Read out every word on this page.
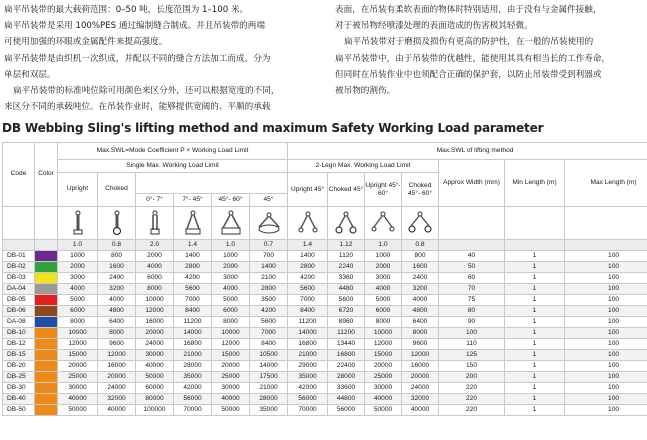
扁平吊装带的最大载荷范围：0–50 吨，长度范围为 1–100 米。

扁平吊装带是采用 100%PES 通过编制缝合制成。并且吊装带的两端

可使用加强的环眼或金属配件来提高强度。

扁平吊装带是由织机一次织成，并配以不同的缝合方法加工而成，分为

单层和双层。

扁平吊装带的标准吨位除可用颜色来区分外，还可以根据宽度的不同，

来区分不同的承载吨位。在吊装作业时，能够提供宽阔的、平顺的承载

表面，在吊装有柔软表面的物体时特别适用，由于没有与金属件接触，

对于被吊物经喷漆处理的表面造成的伤害极其轻微。

扁平吊装带对于磨损及损伤有更高的防护性，在一般的吊装使用的

扁平吊装带中，由于吊装带的优越性，能使用其具有相当长的工作寿命，

但同时在吊装作业中也须配合正确的保护套，以防止吊装带受到利器或

被吊物的割伤。

DB Webbing Sling's lifting method and maximum Safety Working Load parameter
Code	Color	Max.SWL=Mode Coefficient P × Working Load Limit						Max.SWL of lifting method						
		Single Max. Working Load Limit						2-Legn Max. Working Load Limit				Approx Width (mm)	Min Length (m)	Max Length (m)
		Upright	Choked					Upright 45°	Choked 45°	Upright 45°- 60°	Choked 45°- 60°			
				0°- 7°	7°- 45°	45°- 60°	45°							

		1.0	0.8	2.0	1.4	1.0	0.7	1.4	1.12	1.0	0.8			
DB-01		1000	800	2000	1400	1000	700	1400	1120	1000	800	40	1	100
DB-02		2000	1600	4000	2800	2000	1400	2800	2240	2000	1600	50	1	100
DB-03		3000	2400	6000	4200	3000	2100	4200	3360	3000	2400	60	1	100
DA-04		4000	3200	8000	5600	4000	2800	5600	4480	4000	3200	70	1	100
DB-05		5000	4000	10000	7000	5000	3500	7000	5600	5000	4000	75	1	100
DB-06		6000	4800	12000	8400	6000	4200	8400	6720	6000	4800	80	1	100
DA-08		8000	6400	16000	11200	8000	5600	11200	8960	8000	6400	90	1	100
DB-10		10000	8000	20000	14000	10000	7000	14000	11200	10000	8000	100	1	100
DB-12		12000	9600	24000	16800	12000	8400	16800	13440	12000	9600	110	1	100
DB-15		15000	12000	30000	21000	15000	10500	21000	16800	15000	12000	125	1	100
DB-20		20000	16000	40000	28000	20000	14000	29000	22400	20000	16000	150	1	100
DB-25		25000	20000	50000	35000	25000	17500	35000	28000	25000	20000	200	1	100
DB-30		30000	24000	60000	42000	30000	21000	42000	33600	30000	24000	220	1	100
DB-40		40000	32000	80000	56000	40000	28000	56000	44800	40000	32000	220	1	100
DB-50		50000	40000	100000	70000	50000	35000	70000	56000	50000	40000	220	1	100
